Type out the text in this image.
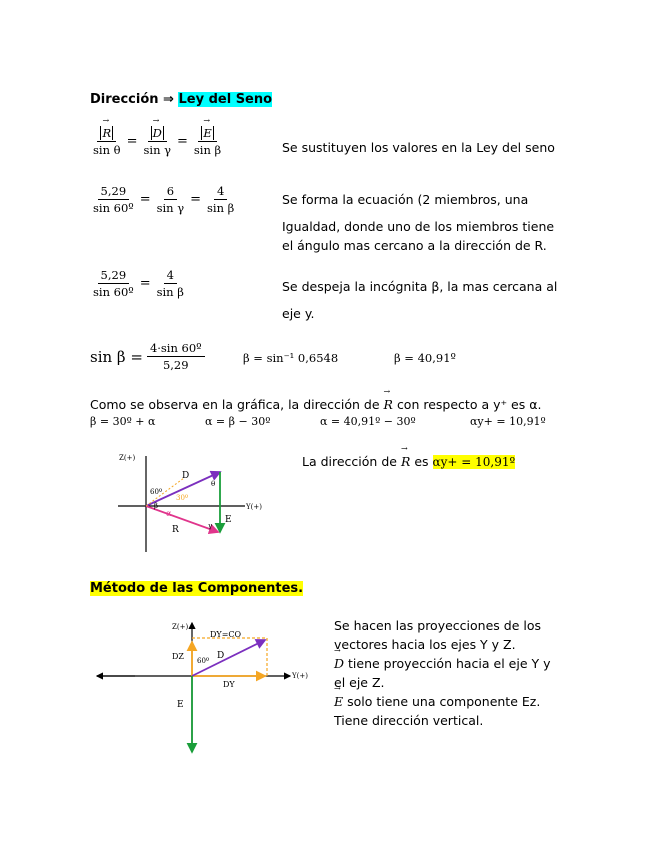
Dirección ⇒ Ley del Seno
→ $\frac{R}{\text{sin θ}}$ = → $\frac{D}{\text{sin γ}}$ = → $\frac{E}{\text{sin β}}$	Se sustituyen los valores en la Ley del seno
$\frac{5,29}{\text{sin 60º}} = \frac{6}{\text{sin γ}} = \frac{4}{\text{sin β}}$	Se forma la ecuación (2 miembros, una
Igualdad, donde uno de los miembros tiene
el ángulo mas cercano a la dirección de R.
$\frac{5,29}{\text{sin 60º}} = \frac{4}{\text{sin β}}$	Se despeja la incógnita β, la mas cercana al
eje y.
$\sin \beta = \frac{\text{4·sin 60º}}{5,29}$	β = sin⁻¹ 0,6548	β = 40,91º
Como se observa en la gráfica, la dirección de → R con respecto a y⁺ es α.
β = 30º + α	α = β − 30º	α = 40,91º − 30º	αy+ = 10,91º
Z(+)
Y(+)
60º
30º
α
β
θ
γ
D
R
E
La dirección de → R es αy+ = 10,91º
Método de las Componentes.
Z(+)
Y(+)
DY=CO
DZ
DY
60º D
E
Se hacen las proyecciones de los
vectores hacia los ejes Y y Z.
→ D tiene proyección hacia el eje Y y
el eje Z.
→ E solo tiene una componente Ez.
Tiene dirección vertical.
